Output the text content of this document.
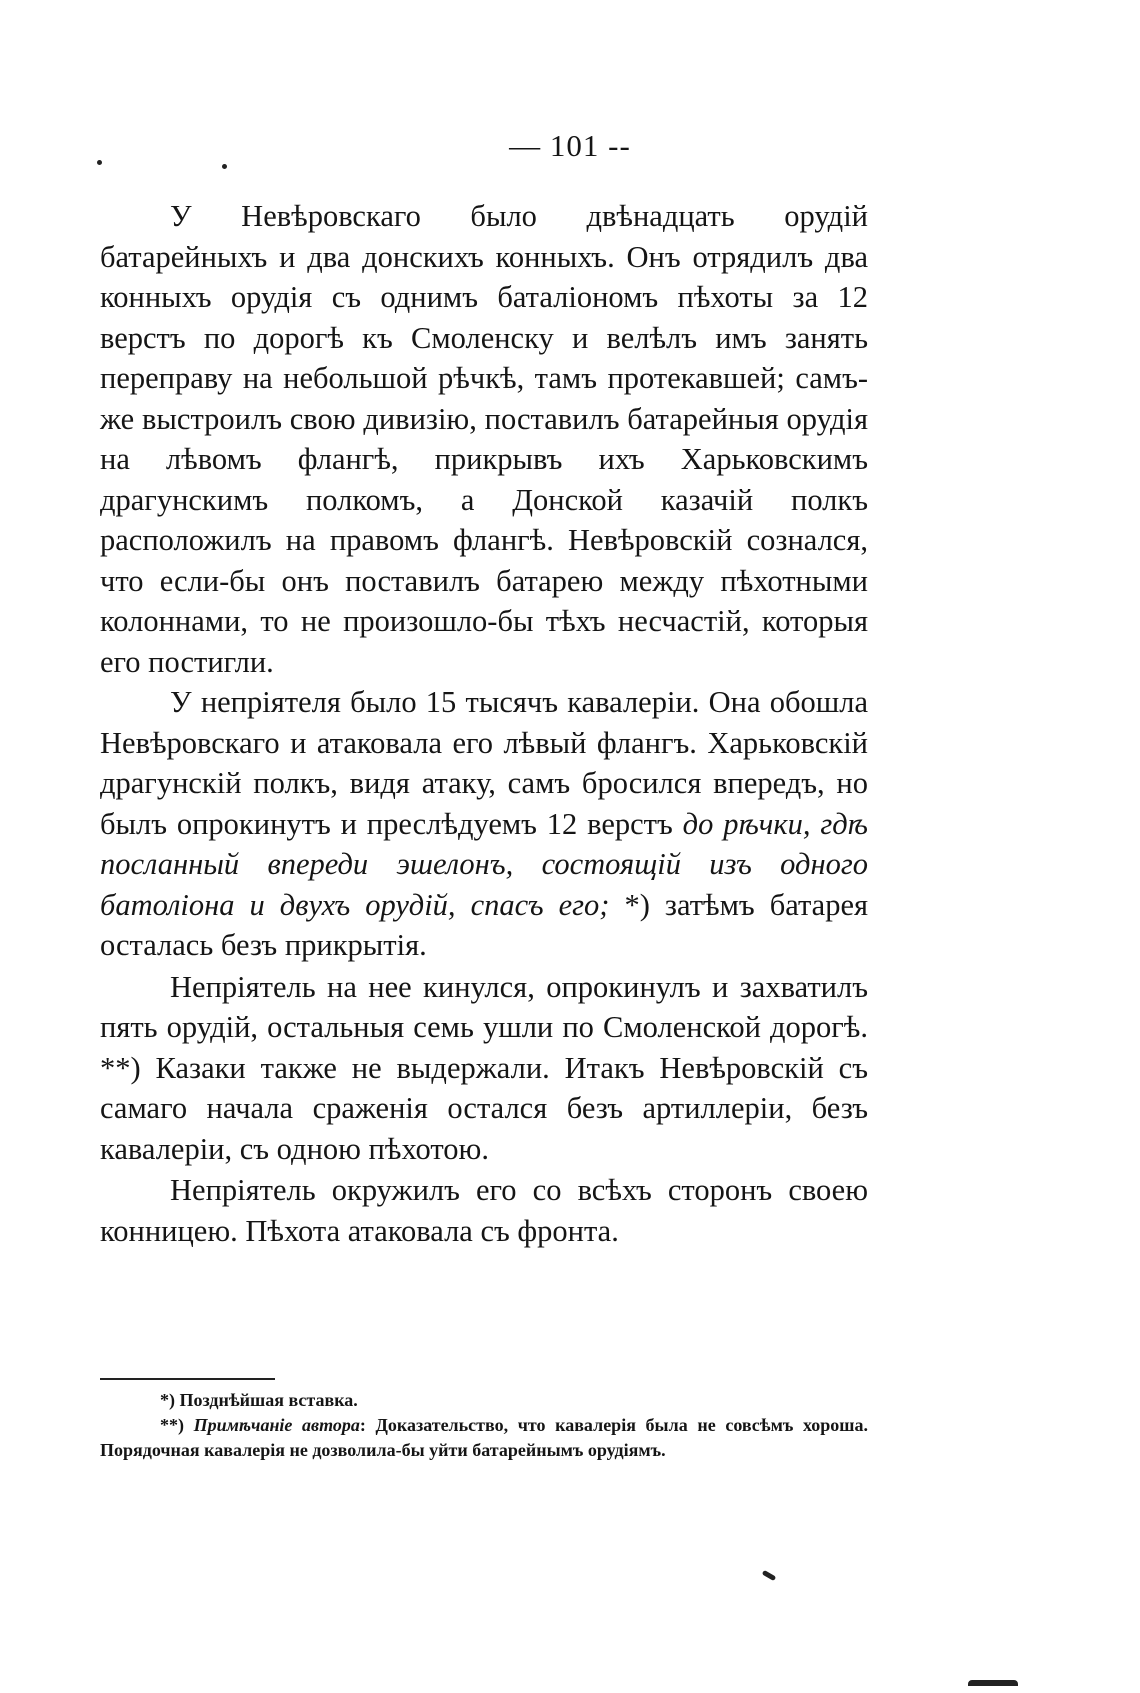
— 101 --

У Невѣровскаго было двѣнадцать орудій батарейныхъ и два донскихъ конныхъ. Онъ отрядилъ два конныхъ орудія съ однимъ баталіономъ пѣхоты за 12 верстъ по дорогѣ къ Смоленску и велѣлъ имъ занять переправу на небольшой рѣчкѣ, тамъ протекавшей; самъ-же выстроилъ свою дивизію, поставилъ батарейныя орудія на лѣвомъ флангѣ, прикрывъ ихъ Харьковскимъ драгунскимъ полкомъ, а Донской казачій полкъ расположилъ на правомъ флангѣ. Невѣровскій сознался, что если-бы онъ поставилъ батарею между пѣхотными колоннами, то не произошло-бы тѣхъ несчастій, которыя его постигли.

У непріятеля было 15 тысячъ кавалеріи. Она обошла Невѣровскаго и атаковала его лѣвый флангъ. Харьковскій драгунскій полкъ, видя атаку, самъ бросился впередъ, но былъ опрокинутъ и преслѣдуемъ 12 верстъ до рѣчки, гдѣ посланный впереди эшелонъ, состоящій изъ одного батоліона и двухъ орудій, спасъ его; *) затѣмъ батарея осталась безъ прикрытія.

Непріятель на нее кинулся, опрокинулъ и захватилъ пять орудій, остальныя семь ушли по Смоленской дорогѣ. **) Казаки также не выдержали. Итакъ Невѣровскій съ самаго начала сраженія остался безъ артиллеріи, безъ кавалеріи, съ одною пѣхотою.

Непріятель окружилъ его со всѣхъ сторонъ своею конницею. Пѣхота атаковала съ фронта.

*) Позднѣйшая вставка.

**) Примѣчаніе автора: Доказательство, что кавалерія была не совсѣмъ хороша. Порядочная кавалерія не дозволила-бы уйти батарейнымъ орудіямъ.
